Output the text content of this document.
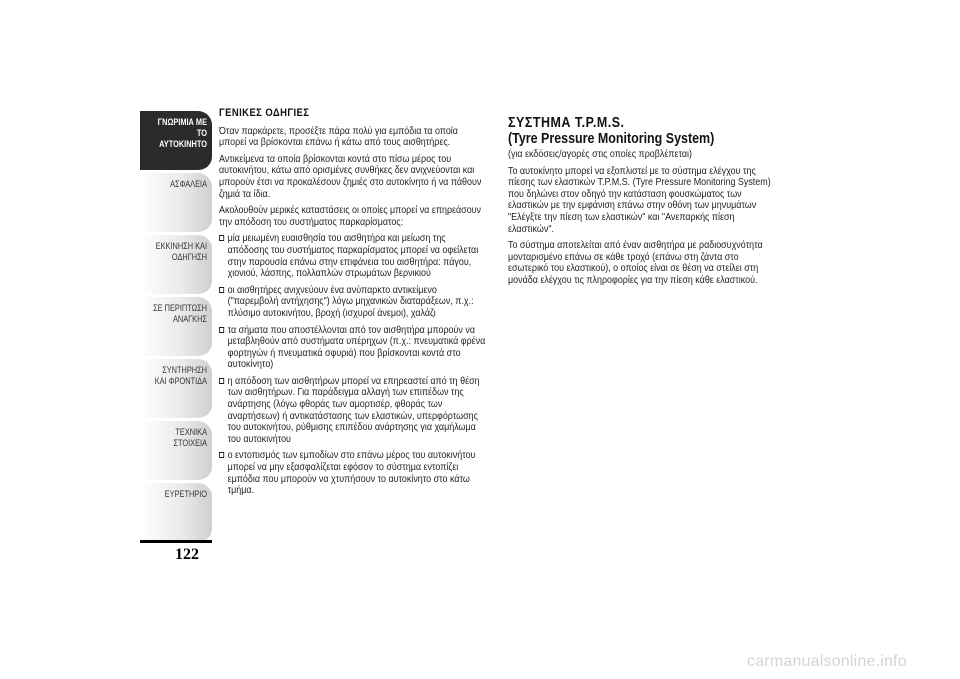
ΓΝΩΡΙΜΙΑ ΜΕ ΤΟ ΑΥΤΟΚΙΝΗΤΟ
ΑΣΦΑΛΕΙΑ
ΕΚΚΙΝΗΣΗ ΚΑΙ ΟΔΗΓΗΣΗ
ΣΕ ΠΕΡΙΠΤΩΣΗ ΑΝΑΓΚΗΣ
ΣΥΝΤΗΡΗΣΗ ΚΑΙ ΦΡΟΝΤΙΔΑ
ΤΕΧΝΙΚΑ ΣΤΟΙΧΕΙΑ
ΕΥΡΕΤΗΡΙΟ
122
ΓΕΝΙΚΕΣ ΟΔΗΓΙΕΣ

Όταν παρκάρετε, προσέξτε πάρα πολύ για εμπόδια τα οποία μπορεί να βρίσκονται επάνω ή κάτω από τους αισθητήρες.

Αντικείμενα τα οποία βρίσκονται κοντά στο πίσω μέρος του αυτοκινήτου, κάτω από ορισμένες συνθήκες δεν ανιχνεύονται και μπορούν έτσι να προκαλέσουν ζημιές στο αυτοκίνητο ή να πάθουν ζημιά τα ίδια.

Ακολουθούν μερικές καταστάσεις οι οποίες μπορεί να επηρεάσουν την απόδοση του συστήματος παρκαρίσματος:

μία μειωμένη ευαισθησία του αισθητήρα και μείωση της απόδοσης του συστήματος παρκαρίσματος μπορεί να οφείλεται στην παρουσία επάνω στην επιφάνεια του αισθητήρα: πάγου, χιονιού, λάσπης, πολλαπλών στρωμάτων βερνικιού
οι αισθητήρες ανιχνεύουν ένα ανύπαρκτο αντικείμενο ("παρεμβολή αντήχησης") λόγω μηχανικών διαταράξεων, π.χ.: πλύσιμο αυτοκινήτου, βροχή (ισχυροί άνεμοι), χαλάζι
τα σήματα που αποστέλλονται από τον αισθητήρα μπορούν να μεταβληθούν από συστήματα υπέρηχων (π.χ.: πνευματικά φρένα φορτηγών ή πνευματικά σφυριά) που βρίσκονται κοντά στο αυτοκίνητο)
η απόδοση των αισθητήρων μπορεί να επηρεαστεί από τη θέση των αισθητήρων. Για παράδειγμα αλλαγή των επιπέδων της ανάρτησης (λόγω φθοράς των αμορτισέρ, φθοράς των αναρτήσεων) ή αντικατάστασης των ελαστικών, υπερφόρτωσης του αυτοκινήτου, ρύθμισης επιπέδου ανάρτησης για χαμήλωμα του αυτοκινήτου
ο εντοπισμός των εμποδίων στο επάνω μέρος του αυτοκινήτου μπορεί να μην εξασφαλίζεται εφόσον το σύστημα εντοπίζει εμπόδια που μπορούν να χτυπήσουν το αυτοκίνητο στο κάτω τμήμα.
ΣΥΣΤΗΜΑ T.P.M.S.
(Tyre Pressure Monitoring System)

(για εκδόσεις/αγορές στις οποίες προβλέπεται)

Το αυτοκίνητο μπορεί να εξοπλιστεί με το σύστημα ελέγχου της πίεσης των ελαστικών T.P.M.S. (Tyre Pressure Monitoring System) που δηλώνει στον οδηγό την κατάσταση φουσκώματος των ελαστικών με την εμφάνιση επάνω στην οθόνη των μηνυμάτων "Ελέγξτε την πίεση των ελαστικών" και "Ανεπαρκής πίεση ελαστικών".

Το σύστημα αποτελείται από έναν αισθητήρα με ραδιοσυχνότητα μονταρισμένο επάνω σε κάθε τροχό (επάνω στη ζάντα στο εσωτερικό του ελαστικού), ο οποίος είναι σε θέση να στείλει στη μονάδα ελέγχου τις πληροφορίες για την πίεση κάθε ελαστικού.

carmanualsonline.info
